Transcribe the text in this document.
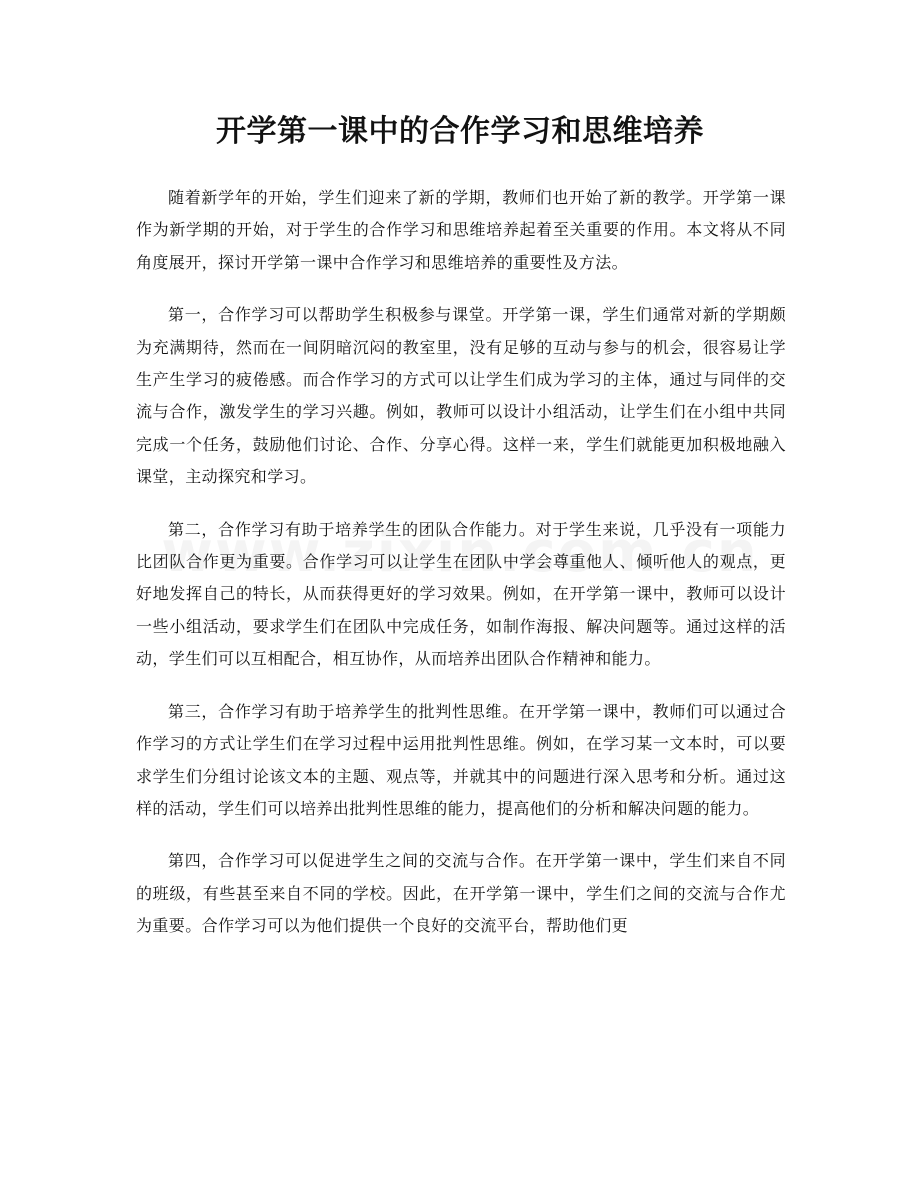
开学第一课中的合作学习和思维培养

随着新学年的开始，学生们迎来了新的学期，教师们也开始了新的教学。开学第一课作为新学期的开始，对于学生的合作学习和思维培养起着至关重要的作用。本文将从不同角度展开，探讨开学第一课中合作学习和思维培养的重要性及方法。

第一，合作学习可以帮助学生积极参与课堂。开学第一课，学生们通常对新的学期颇为充满期待，然而在一间阴暗沉闷的教室里，没有足够的互动与参与的机会，很容易让学生产生学习的疲倦感。而合作学习的方式可以让学生们成为学习的主体，通过与同伴的交流与合作，激发学生的学习兴趣。例如，教师可以设计小组活动，让学生们在小组中共同完成一个任务，鼓励他们讨论、合作、分享心得。这样一来，学生们就能更加积极地融入课堂，主动探究和学习。

第二，合作学习有助于培养学生的团队合作能力。对于学生来说，几乎没有一项能力比团队合作更为重要。合作学习可以让学生在团队中学会尊重他人、倾听他人的观点，更好地发挥自己的特长，从而获得更好的学习效果。例如，在开学第一课中，教师可以设计一些小组活动，要求学生们在团队中完成任务，如制作海报、解决问题等。通过这样的活动，学生们可以互相配合，相互协作，从而培养出团队合作精神和能力。

第三，合作学习有助于培养学生的批判性思维。在开学第一课中，教师们可以通过合作学习的方式让学生们在学习过程中运用批判性思维。例如，在学习某一文本时，可以要求学生们分组讨论该文本的主题、观点等，并就其中的问题进行深入思考和分析。通过这样的活动，学生们可以培养出批判性思维的能力，提高他们的分析和解决问题的能力。

第四，合作学习可以促进学生之间的交流与合作。在开学第一课中，学生们来自不同的班级，有些甚至来自不同的学校。因此，在开学第一课中，学生们之间的交流与合作尤为重要。合作学习可以为他们提供一个良好的交流平台，帮助他们更
